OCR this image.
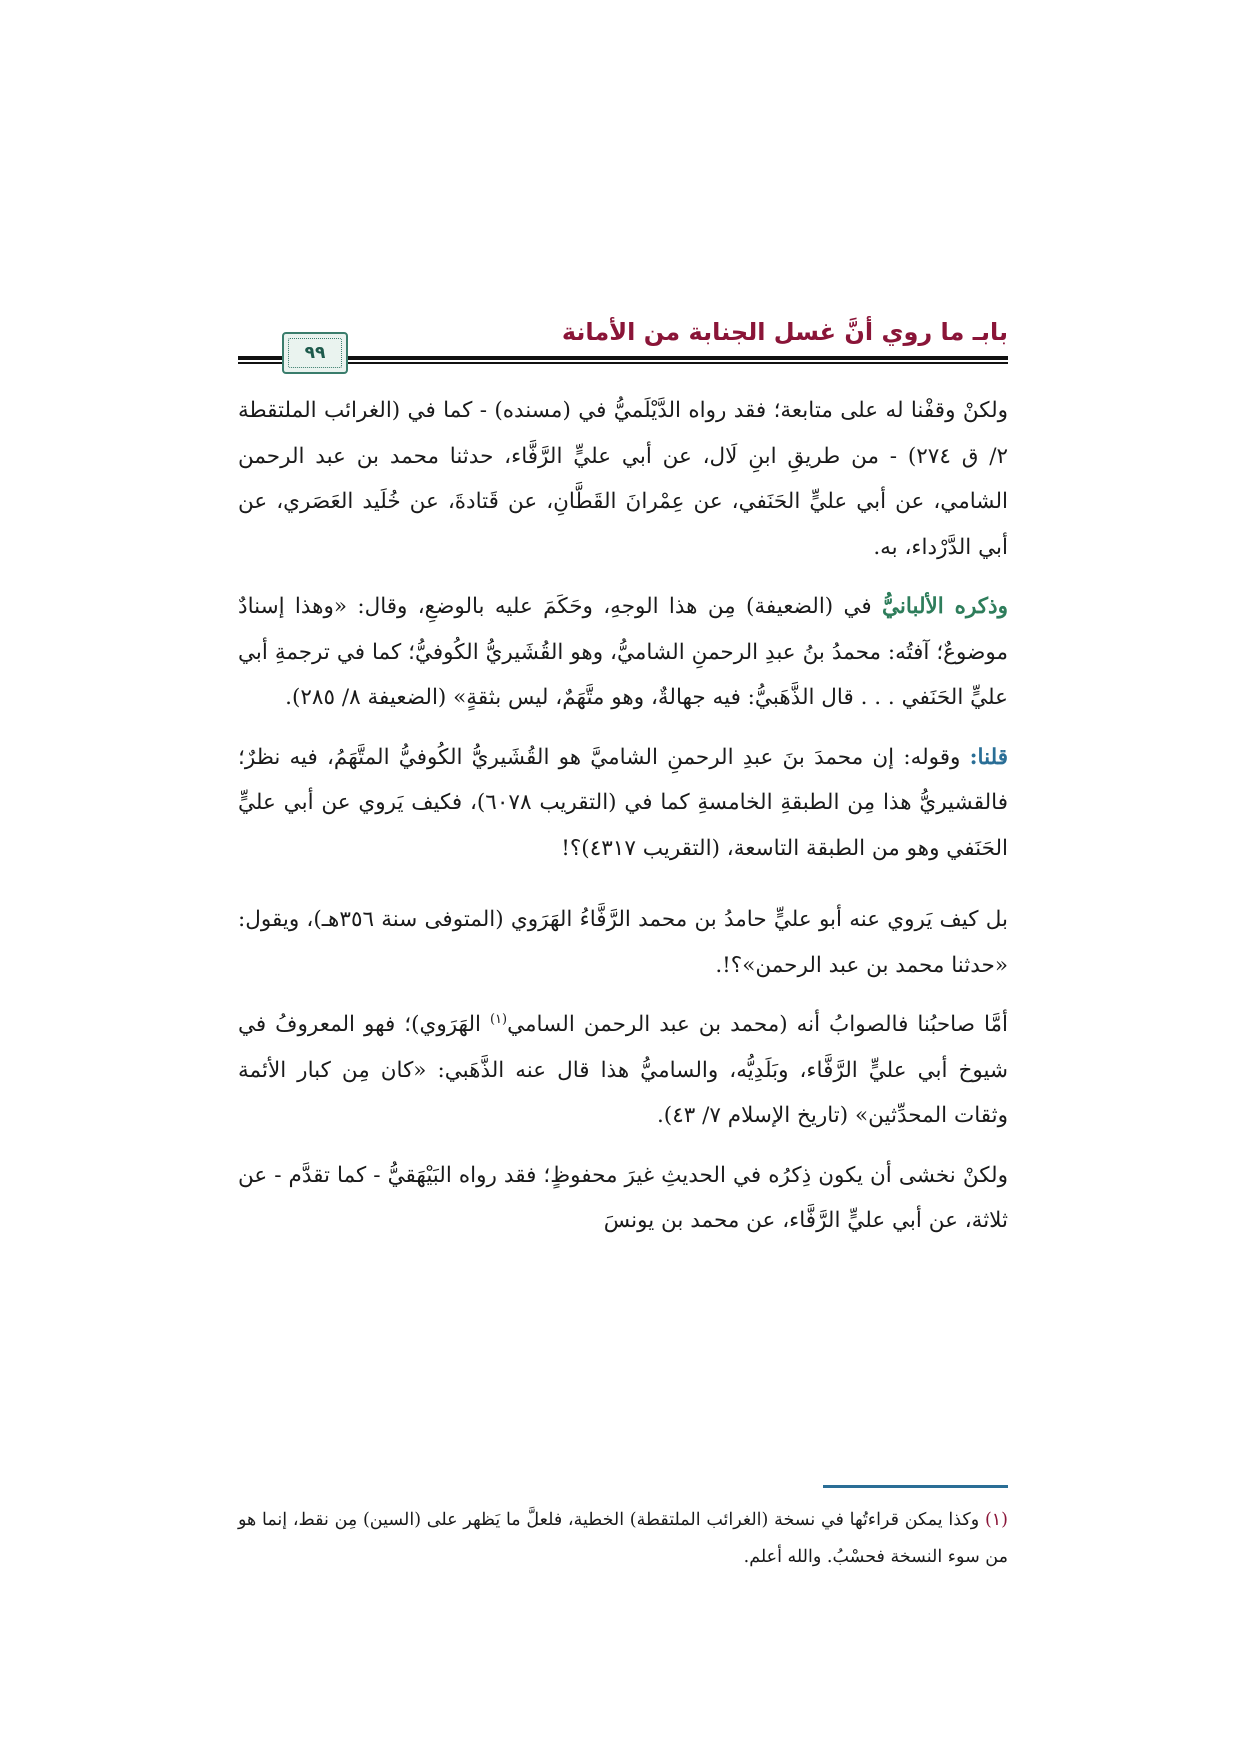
بابـ ما روي أنَّ غسل الجنابة من الأمانة
٩٩

ولكنْ وقفْنا له على متابعة؛ فقد رواه الدَّيْلَميُّ في (مسنده) - كما في (الغرائب الملتقطة ٢/ ق ٢٧٤) - من طريقِ ابنِ لَال، عن أبي عليٍّ الرَّفَّاء، حدثنا محمد بن عبد الرحمن الشامي، عن أبي عليٍّ الحَنَفي، عن عِمْرانَ القَطَّانِ، عن قَتادةَ، عن خُلَيد العَصَري، عن أبي الدَّرْداء، به.

وذكره الألبانيُّ في (الضعيفة) مِن هذا الوجهِ، وحَكَمَ عليه بالوضعِ، وقال: «وهذا إسنادٌ موضوعٌ؛ آفتُه: محمدُ بنُ عبدِ الرحمنِ الشاميُّ، وهو القُشَيريُّ الكُوفيُّ؛ كما في ترجمةِ أبي عليٍّ الحَنَفي . . . قال الذَّهَبيُّ: فيه جهالةٌ، وهو متَّهَمٌ، ليس بثقةٍ» (الضعيفة ٨/ ٢٨٥).

قلنا: وقوله: إن محمدَ بنَ عبدِ الرحمنِ الشاميَّ هو القُشَيريُّ الكُوفيُّ المتَّهَمُ، فيه نظرٌ؛ فالقشيريُّ هذا مِن الطبقةِ الخامسةِ كما في (التقريب ٦٠٧٨)، فكيف يَروي عن أبي عليٍّ الحَنَفي وهو من الطبقة التاسعة، (التقريب ٤٣١٧)؟!

بل كيف يَروي عنه أبو عليٍّ حامدُ بن محمد الرَّفَّاءُ الهَرَوي (المتوفى سنة ٣٥٦هـ)، ويقول: «حدثنا محمد بن عبد الرحمن»؟!.

أمَّا صاحبُنا فالصوابُ أنه (محمد بن عبد الرحمن السامي$^{(١)}$ الهَرَوي)؛ فهو المعروفُ في شيوخ أبي عليٍّ الرَّفَّاء، وبَلَدِيُّه، والساميُّ هذا قال عنه الذَّهَبي: «كان مِن كبار الأئمة وثقات المحدِّثين» (تاريخ الإسلام ٧/ ٤٣).

ولكنْ نخشى أن يكون ذِكرُه في الحديثِ غيرَ محفوظٍ؛ فقد رواه البَيْهَقيُّ - كما تقدَّم - عن ثلاثة، عن أبي عليٍّ الرَّفَّاء، عن محمد بن يونسَ

(١) وكذا يمكن قراءتُها في نسخة (الغرائب الملتقطة) الخطية، فلعلَّ ما يَظهر على (السين) مِن نقط، إنما هو من سوء النسخة فحسْبُ. والله أعلم.
